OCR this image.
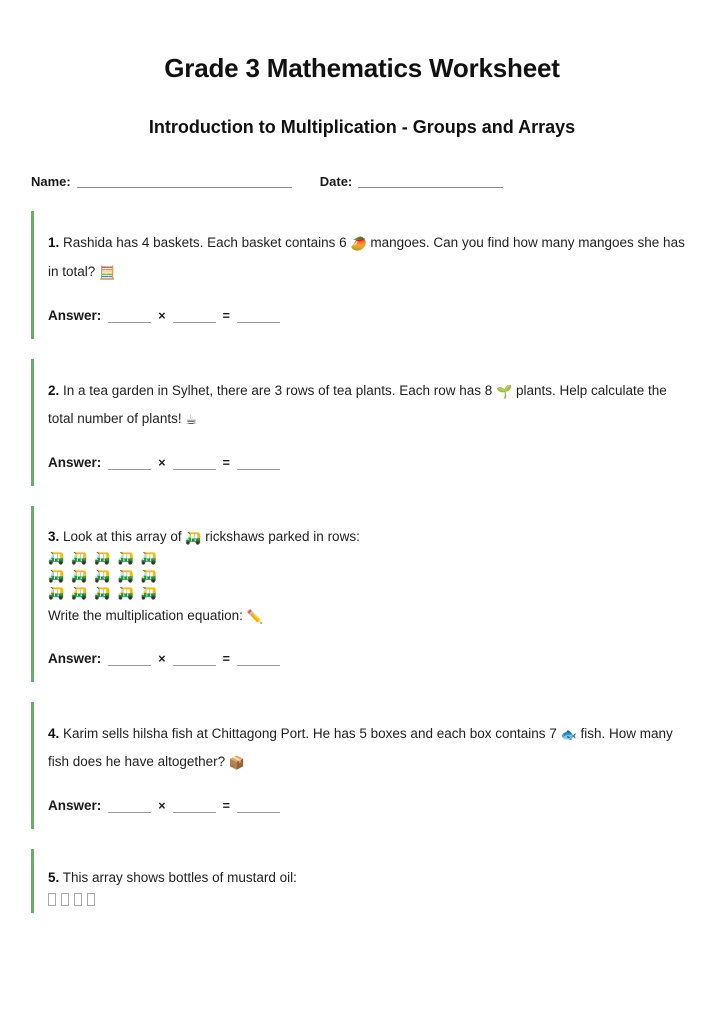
Grade 3 Mathematics Worksheet
Introduction to Multiplication - Groups and Arrays
Name:	Date:
1. Rashida has 4 baskets. Each basket contains 6 🥭 mangoes. Can you find how many mangoes she has in total? 🧮
Answer:	×	=
2. In a tea garden in Sylhet, there are 3 rows of tea plants. Each row has 8 🌱 plants. Help calculate the total number of plants! ☕
Answer:	×	=
3. Look at this array of 🛺 rickshaws parked in rows:
🛺🛺🛺🛺🛺
🛺🛺🛺🛺🛺
🛺🛺🛺🛺🛺
Write the multiplication equation: ✏️
Answer:	×	=
4. Karim sells hilsha fish at Chittagong Port. He has 5 boxes and each box contains 7 🐟 fish. How many fish does he have altogether? 📦
Answer:	×	=
5. This array shows bottles of mustard oil:
